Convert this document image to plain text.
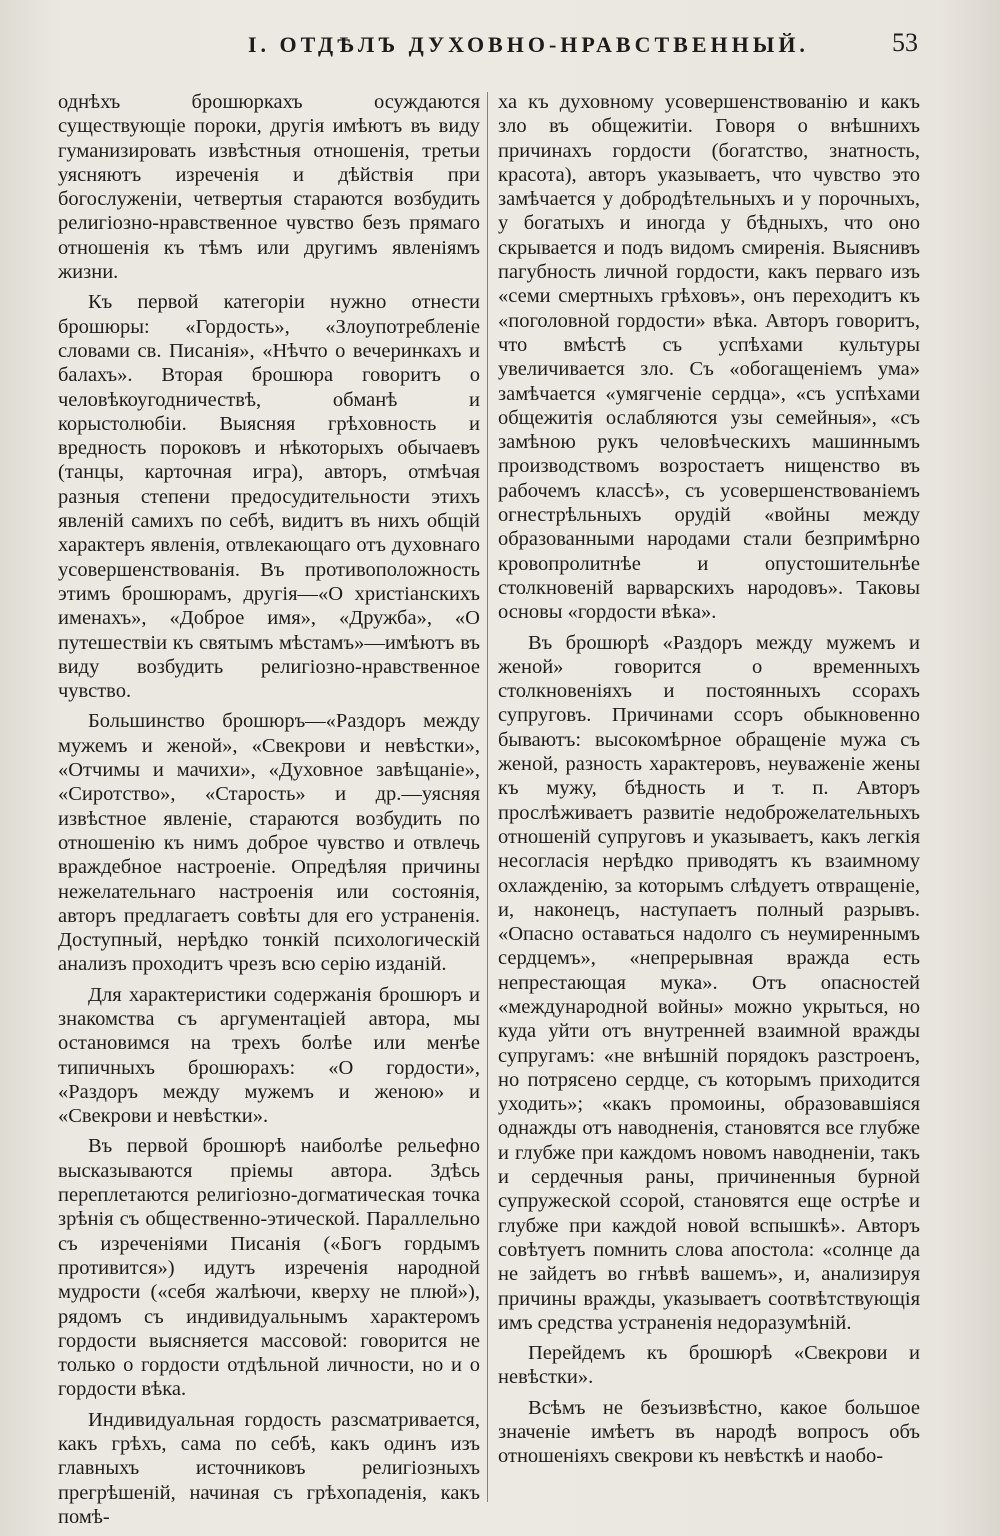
I. ОТДѢЛЪ ДУХОВНО-НРАВСТВЕННЫЙ.	53

однѣхъ брошюркахъ осуждаются существующіе пороки, другія имѣютъ въ виду гуманизировать извѣстныя отношенія, третьи уясняютъ изреченія и дѣйствія при богослуженіи, четвертыя стараются возбудить религіозно-нравственное чувство безъ прямаго отношенія къ тѣмъ или другимъ явленіямъ жизни.

Къ первой категоріи нужно отнести брошюры: «Гордость», «Злоупотребленіе словами св. Писанія», «Нѣчто о вечеринкахъ и балахъ». Вторая брошюра говоритъ о человѣкоугодничествѣ, обманѣ и корыстолюбіи. Выясняя грѣховность и вредность пороковъ и нѣкоторыхъ обычаевъ (танцы, карточная игра), авторъ, отмѣчая разныя степени предосудительности этихъ явленій самихъ по себѣ, видитъ въ нихъ общій характеръ явленія, отвлекающаго отъ духовнаго усовершенствованія. Въ противоположность этимъ брошюрамъ, другія—«О христіанскихъ именахъ», «Доброе имя», «Дружба», «О путешествіи къ святымъ мѣстамъ»—имѣютъ въ виду возбудить религіозно-нравственное чувство.

Большинство брошюръ—«Раздоръ между мужемъ и женой», «Свекрови и невѣстки», «Отчимы и мачихи», «Духовное завѣщаніе», «Сиротство», «Старость» и др.—уясняя извѣстное явленіе, стараются возбудить по отношенію къ нимъ доброе чувство и отвлечь враждебное настроеніе. Опредѣляя причины нежелательнаго настроенія или состоянія, авторъ предлагаетъ совѣты для его устраненія. Доступный, нерѣдко тонкій психологическій анализъ проходитъ чрезъ всю серію изданій.

Для характеристики содержанія брошюръ и знакомства съ аргументаціей автора, мы остановимся на трехъ болѣе или менѣе типичныхъ брошюрахъ: «О гордости», «Раздоръ между мужемъ и женою» и «Свекрови и невѣстки».

Въ первой брошюрѣ наиболѣе рельефно высказываются пріемы автора. Здѣсь переплетаются религіозно-догматическая точка зрѣнія съ общественно-этической. Параллельно съ изреченіями Писанія («Богъ гордымъ противится») идутъ изреченія народной мудрости («себя жалѣючи, кверху не плюй»), рядомъ съ индивидуальнымъ характеромъ гордости выясняется массовой: говорится не только о гордости отдѣльной личности, но и о гордости вѣка.

Индивидуальная гордость разсматривается, какъ грѣхъ, сама по себѣ, какъ одинъ изъ главныхъ источниковъ религіозныхъ прегрѣшеній, начиная съ грѣхопаденія, какъ помѣ-

ха къ духовному усовершенствованію и какъ зло въ общежитіи. Говоря о внѣшнихъ причинахъ гордости (богатство, знатность, красота), авторъ указываетъ, что чувство это замѣчается у добродѣтельныхъ и у порочныхъ, у богатыхъ и иногда у бѣдныхъ, что оно скрывается и подъ видомъ смиренія. Выяснивъ пагубность личной гордости, какъ перваго изъ «семи смертныхъ грѣховъ», онъ переходитъ къ «поголовной гордости» вѣка. Авторъ говоритъ, что вмѣстѣ съ успѣхами культуры увеличивается зло. Съ «обогащеніемъ ума» замѣчается «умягченіе сердца», «съ успѣхами общежитія ослабляются узы семейныя», «съ замѣною рукъ человѣческихъ машиннымъ производствомъ возростаетъ нищенство въ рабочемъ классѣ», съ усовершенствованіемъ огнестрѣльныхъ орудій «войны между образованными народами стали безпримѣрно кровопролитнѣе и опустошительнѣе столкновеній варварскихъ народовъ». Таковы основы «гордости вѣка».

Въ брошюрѣ «Раздоръ между мужемъ и женой» говорится о временныхъ столкновеніяхъ и постоянныхъ ссорахъ супруговъ. Причинами ссоръ обыкновенно бываютъ: высокомѣрное обращеніе мужа съ женой, разность характеровъ, неуваженіе жены къ мужу, бѣдность и т. п. Авторъ прослѣживаетъ развитіе недоброжелательныхъ отношеній супруговъ и указываетъ, какъ легкія несогласія нерѣдко приводятъ къ взаимному охлажденію, за которымъ слѣдуетъ отвращеніе, и, наконецъ, наступаетъ полный разрывъ. «Опасно оставаться надолго съ неумиреннымъ сердцемъ», «непрерывная вражда есть непрестающая мука». Отъ опасностей «международной войны» можно укрыться, но куда уйти отъ внутренней взаимной вражды супругамъ: «не внѣшній порядокъ разстроенъ, но потрясено сердце, съ которымъ приходится уходить»; «какъ промоины, образовавшіяся однажды отъ наводненія, становятся все глубже и глубже при каждомъ новомъ наводненіи, такъ и сердечныя раны, причиненныя бурной супружеской ссорой, становятся еще острѣе и глубже при каждой новой вспышкѣ». Авторъ совѣтуетъ помнить слова апостола: «солнце да не зайдетъ во гнѣвѣ вашемъ», и, анализируя причины вражды, указываетъ соотвѣтствующія имъ средства устраненія недоразумѣній.

Перейдемъ къ брошюрѣ «Свекрови и невѣстки».

Всѣмъ не безъизвѣстно, какое большое значеніе имѣетъ въ народѣ вопросъ объ отношеніяхъ свекрови къ невѣсткѣ и наобо-
